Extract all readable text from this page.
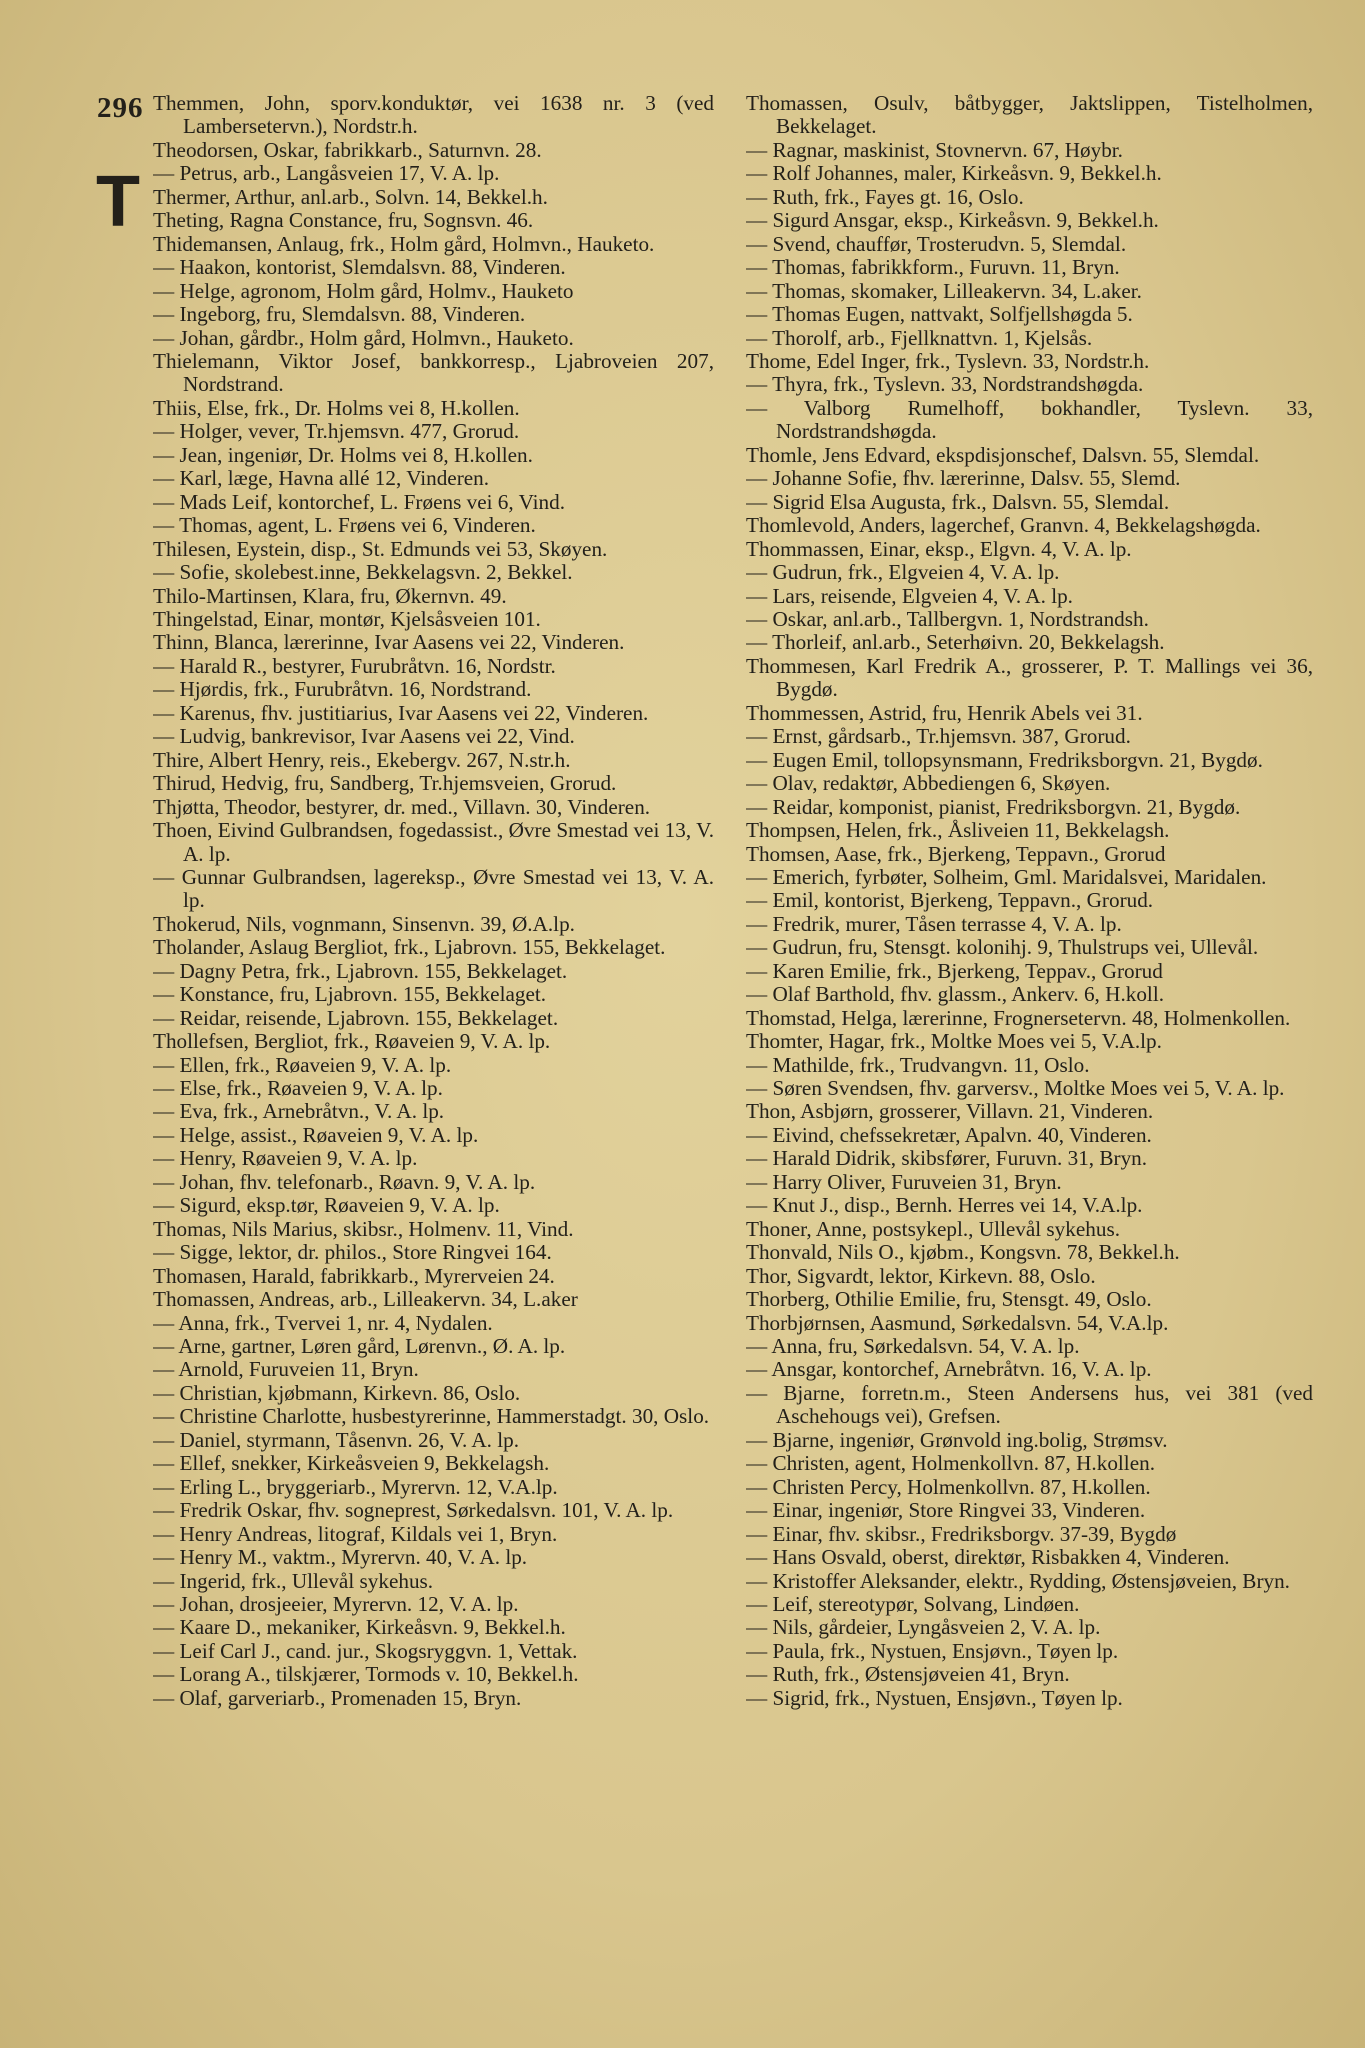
296
T

Themmen, John, sporv.konduktør, vei 1638 nr. 3 (ved Lambersetervn.), Nordstr.h.

Theodorsen, Oskar, fabrikkarb., Saturnvn. 28.

— Petrus, arb., Langåsveien 17, V. A. lp.

Thermer, Arthur, anl.arb., Solvn. 14, Bekkel.h.

Theting, Ragna Constance, fru, Sognsvn. 46.

Thidemansen, Anlaug, frk., Holm gård, Holmvn., Hauketo.

— Haakon, kontorist, Slemdalsvn. 88, Vinderen.

— Helge, agronom, Holm gård, Holmv., Hauketo

— Ingeborg, fru, Slemdalsvn. 88, Vinderen.

— Johan, gårdbr., Holm gård, Holmvn., Hauketo.

Thielemann, Viktor Josef, bankkorresp., Ljabroveien 207, Nordstrand.

Thiis, Else, frk., Dr. Holms vei 8, H.kollen.

— Holger, vever, Tr.hjemsvn. 477, Grorud.

— Jean, ingeniør, Dr. Holms vei 8, H.kollen.

— Karl, læge, Havna allé 12, Vinderen.

— Mads Leif, kontorchef, L. Frøens vei 6, Vind.

— Thomas, agent, L. Frøens vei 6, Vinderen.

Thilesen, Eystein, disp., St. Edmunds vei 53, Skøyen.

— Sofie, skolebest.inne, Bekkelagsvn. 2, Bekkel.

Thilo-Martinsen, Klara, fru, Økernvn. 49.

Thingelstad, Einar, montør, Kjelsåsveien 101.

Thinn, Blanca, lærerinne, Ivar Aasens vei 22, Vinderen.

— Harald R., bestyrer, Furubråtvn. 16, Nordstr.

— Hjørdis, frk., Furubråtvn. 16, Nordstrand.

— Karenus, fhv. justitiarius, Ivar Aasens vei 22, Vinderen.

— Ludvig, bankrevisor, Ivar Aasens vei 22, Vind.

Thire, Albert Henry, reis., Ekebergv. 267, N.str.h.

Thirud, Hedvig, fru, Sandberg, Tr.hjemsveien, Grorud.

Thjøtta, Theodor, bestyrer, dr. med., Villavn. 30, Vinderen.

Thoen, Eivind Gulbrandsen, fogedassist., Øvre Smestad vei 13, V. A. lp.

— Gunnar Gulbrandsen, lagereksp., Øvre Smestad vei 13, V. A. lp.

Thokerud, Nils, vognmann, Sinsenvn. 39, Ø.A.lp.

Tholander, Aslaug Bergliot, frk., Ljabrovn. 155, Bekkelaget.

— Dagny Petra, frk., Ljabrovn. 155, Bekkelaget.

— Konstance, fru, Ljabrovn. 155, Bekkelaget.

— Reidar, reisende, Ljabrovn. 155, Bekkelaget.

Thollefsen, Bergliot, frk., Røaveien 9, V. A. lp.

— Ellen, frk., Røaveien 9, V. A. lp.

— Else, frk., Røaveien 9, V. A. lp.

— Eva, frk., Arnebråtvn., V. A. lp.

— Helge, assist., Røaveien 9, V. A. lp.

— Henry, Røaveien 9, V. A. lp.

— Johan, fhv. telefonarb., Røavn. 9, V. A. lp.

— Sigurd, eksp.tør, Røaveien 9, V. A. lp.

Thomas, Nils Marius, skibsr., Holmenv. 11, Vind.

— Sigge, lektor, dr. philos., Store Ringvei 164.

Thomasen, Harald, fabrikkarb., Myrerveien 24.

Thomassen, Andreas, arb., Lilleakervn. 34, L.aker

— Anna, frk., Tvervei 1, nr. 4, Nydalen.

— Arne, gartner, Løren gård, Lørenvn., Ø. A. lp.

— Arnold, Furuveien 11, Bryn.

— Christian, kjøbmann, Kirkevn. 86, Oslo.

— Christine Charlotte, husbestyrerinne, Hammerstadgt. 30, Oslo.

— Daniel, styrmann, Tåsenvn. 26, V. A. lp.

— Ellef, snekker, Kirkeåsveien 9, Bekkelagsh.

— Erling L., bryggeriarb., Myrervn. 12, V.A.lp.

— Fredrik Oskar, fhv. sogneprest, Sørkedalsvn. 101, V. A. lp.

— Henry Andreas, litograf, Kildals vei 1, Bryn.

— Henry M., vaktm., Myrervn. 40, V. A. lp.

— Ingerid, frk., Ullevål sykehus.

— Johan, drosjeeier, Myrervn. 12, V. A. lp.

— Kaare D., mekaniker, Kirkeåsvn. 9, Bekkel.h.

— Leif Carl J., cand. jur., Skogsryggvn. 1, Vettak.

— Lorang A., tilskjærer, Tormods v. 10, Bekkel.h.

— Olaf, garveriarb., Promenaden 15, Bryn.

Thomassen, Osulv, båtbygger, Jaktslippen, Tistelholmen, Bekkelaget.

— Ragnar, maskinist, Stovnervn. 67, Høybr.

— Rolf Johannes, maler, Kirkeåsvn. 9, Bekkel.h.

— Ruth, frk., Fayes gt. 16, Oslo.

— Sigurd Ansgar, eksp., Kirkeåsvn. 9, Bekkel.h.

— Svend, chauffør, Trosterudvn. 5, Slemdal.

— Thomas, fabrikkform., Furuvn. 11, Bryn.

— Thomas, skomaker, Lilleakervn. 34, L.aker.

— Thomas Eugen, nattvakt, Solfjellshøgda 5.

— Thorolf, arb., Fjellknattvn. 1, Kjelsås.

Thome, Edel Inger, frk., Tyslevn. 33, Nordstr.h.

— Thyra, frk., Tyslevn. 33, Nordstrandshøgda.

— Valborg Rumelhoff, bokhandler, Tyslevn. 33, Nordstrandshøgda.

Thomle, Jens Edvard, ekspdisjonschef, Dalsvn. 55, Slemdal.

— Johanne Sofie, fhv. lærerinne, Dalsv. 55, Slemd.

— Sigrid Elsa Augusta, frk., Dalsvn. 55, Slemdal.

Thomlevold, Anders, lagerchef, Granvn. 4, Bekkelagshøgda.

Thommassen, Einar, eksp., Elgvn. 4, V. A. lp.

— Gudrun, frk., Elgveien 4, V. A. lp.

— Lars, reisende, Elgveien 4, V. A. lp.

— Oskar, anl.arb., Tallbergvn. 1, Nordstrandsh.

— Thorleif, anl.arb., Seterhøivn. 20, Bekkelagsh.

Thommesen, Karl Fredrik A., grosserer, P. T. Mallings vei 36, Bygdø.

Thommessen, Astrid, fru, Henrik Abels vei 31.

— Ernst, gårdsarb., Tr.hjemsvn. 387, Grorud.

— Eugen Emil, tollopsynsmann, Fredriksborgvn. 21, Bygdø.

— Olav, redaktør, Abbediengen 6, Skøyen.

— Reidar, komponist, pianist, Fredriksborgvn. 21, Bygdø.

Thompsen, Helen, frk., Åsliveien 11, Bekkelagsh.

Thomsen, Aase, frk., Bjerkeng, Teppavn., Grorud

— Emerich, fyrbøter, Solheim, Gml. Maridalsvei, Maridalen.

— Emil, kontorist, Bjerkeng, Teppavn., Grorud.

— Fredrik, murer, Tåsen terrasse 4, V. A. lp.

— Gudrun, fru, Stensgt. kolonihj. 9, Thulstrups vei, Ullevål.

— Karen Emilie, frk., Bjerkeng, Teppav., Grorud

— Olaf Barthold, fhv. glassm., Ankerv. 6, H.koll.

Thomstad, Helga, lærerinne, Frognersetervn. 48, Holmenkollen.

Thomter, Hagar, frk., Moltke Moes vei 5, V.A.lp.

— Mathilde, frk., Trudvangvn. 11, Oslo.

— Søren Svendsen, fhv. garversv., Moltke Moes vei 5, V. A. lp.

Thon, Asbjørn, grosserer, Villavn. 21, Vinderen.

— Eivind, chefssekretær, Apalvn. 40, Vinderen.

— Harald Didrik, skibsfører, Furuvn. 31, Bryn.

— Harry Oliver, Furuveien 31, Bryn.

— Knut J., disp., Bernh. Herres vei 14, V.A.lp.

Thoner, Anne, postsykepl., Ullevål sykehus.

Thonvald, Nils O., kjøbm., Kongsvn. 78, Bekkel.h.

Thor, Sigvardt, lektor, Kirkevn. 88, Oslo.

Thorberg, Othilie Emilie, fru, Stensgt. 49, Oslo.

Thorbjørnsen, Aasmund, Sørkedalsvn. 54, V.A.lp.

— Anna, fru, Sørkedalsvn. 54, V. A. lp.

— Ansgar, kontorchef, Arnebråtvn. 16, V. A. lp.

— Bjarne, forretn.m., Steen Andersens hus, vei 381 (ved Aschehougs vei), Grefsen.

— Bjarne, ingeniør, Grønvold ing.bolig, Strømsv.

— Christen, agent, Holmenkollvn. 87, H.kollen.

— Christen Percy, Holmenkollvn. 87, H.kollen.

— Einar, ingeniør, Store Ringvei 33, Vinderen.

— Einar, fhv. skibsr., Fredriksborgv. 37-39, Bygdø

— Hans Osvald, oberst, direktør, Risbakken 4, Vinderen.

— Kristoffer Aleksander, elektr., Rydding, Østensjøveien, Bryn.

— Leif, stereotypør, Solvang, Lindøen.

— Nils, gårdeier, Lyngåsveien 2, V. A. lp.

— Paula, frk., Nystuen, Ensjøvn., Tøyen lp.

— Ruth, frk., Østensjøveien 41, Bryn.

— Sigrid, frk., Nystuen, Ensjøvn., Tøyen lp.
